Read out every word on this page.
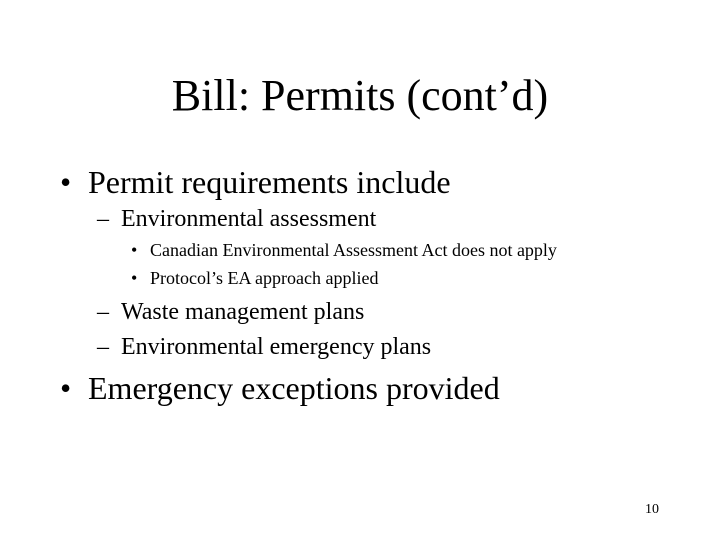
Bill: Permits (cont’d)
• Permit requirements include
– Environmental assessment
• Canadian Environmental Assessment Act does not apply
• Protocol’s EA approach applied
– Waste management plans
– Environmental emergency plans
• Emergency exceptions provided
10
